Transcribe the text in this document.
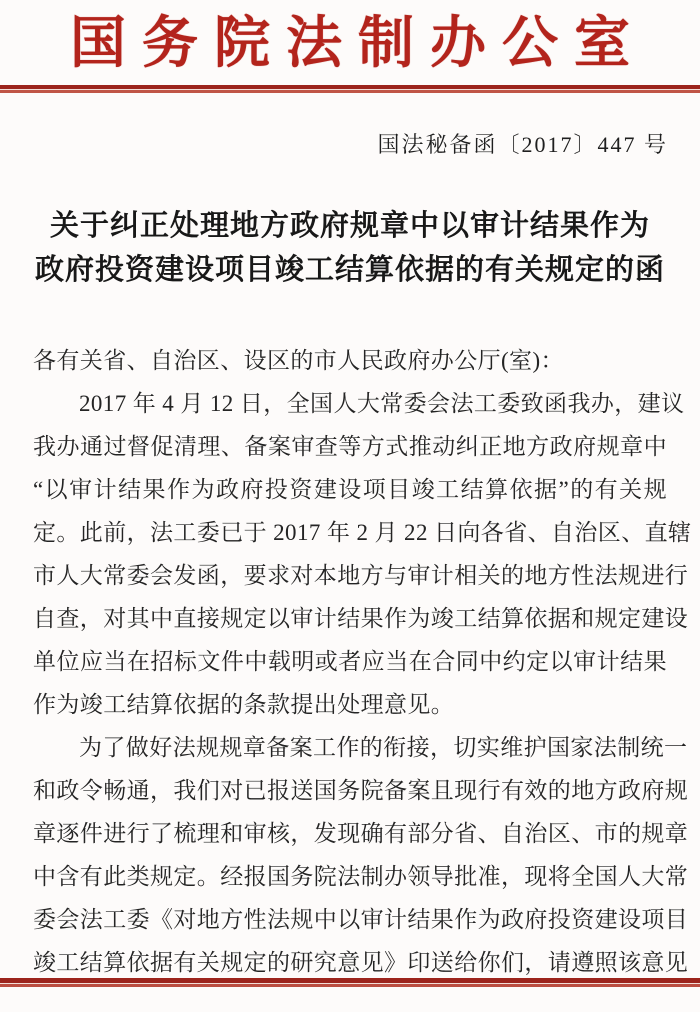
国务院法制办公室
国法秘备函〔2017〕447 号
关于纠正处理地方政府规章中以审计结果作为
政府投资建设项目竣工结算依据的有关规定的函
各有关省、自治区、设区的市人民政府办公厅(室)：
2017 年 4 月 12 日，全国人大常委会法工委致函我办，建议
我办通过督促清理、备案审查等方式推动纠正地方政府规章中
“以审计结果作为政府投资建设项目竣工结算依据”的有关规
定。此前，法工委已于 2017 年 2 月 22 日向各省、自治区、直辖
市人大常委会发函，要求对本地方与审计相关的地方性法规进行
自查，对其中直接规定以审计结果作为竣工结算依据和规定建设
单位应当在招标文件中载明或者应当在合同中约定以审计结果
作为竣工结算依据的条款提出处理意见。
为了做好法规规章备案工作的衔接，切实维护国家法制统一
和政令畅通，我们对已报送国务院备案且现行有效的地方政府规
章逐件进行了梳理和审核，发现确有部分省、自治区、市的规章
中含有此类规定。经报国务院法制办领导批准，现将全国人大常
委会法工委《对地方性法规中以审计结果作为政府投资建设项目
竣工结算依据有关规定的研究意见》印送给你们，请遵照该意见
